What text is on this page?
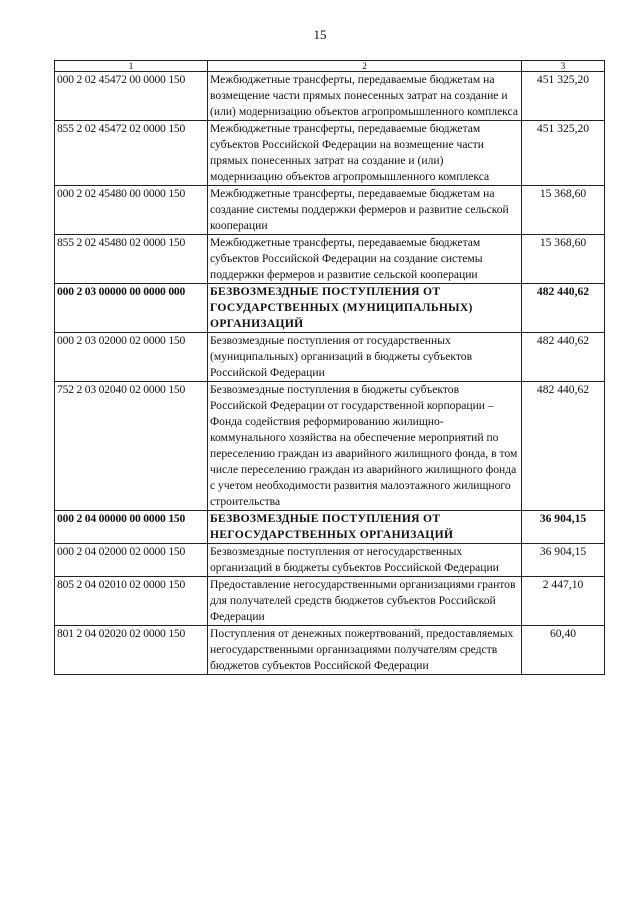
15
1	2	3
000 2 02 45472 00 0000 150	Межбюджетные трансферты, передаваемые бюджетам на возмещение части прямых понесенных затрат на создание и (или) модернизацию объектов агропромышленного комплекса	451 325,20
855 2 02 45472 02 0000 150	Межбюджетные трансферты, передаваемые бюджетам субъектов Российской Федерации на возмещение части прямых понесенных затрат на создание и (или) модернизацию объектов агропромышленного комплекса	451 325,20
000 2 02 45480 00 0000 150	Межбюджетные трансферты, передаваемые бюджетам на создание системы поддержки фермеров и развитие сельской кооперации	15 368,60
855 2 02 45480 02 0000 150	Межбюджетные трансферты, передаваемые бюджетам субъектов Российской Федерации на создание системы поддержки фермеров и развитие сельской кооперации	15 368,60
000 2 03 00000 00 0000 000	БЕЗВОЗМЕЗДНЫЕ ПОСТУПЛЕНИЯ ОТ ГОСУДАРСТВЕННЫХ (МУНИЦИПАЛЬНЫХ) ОРГАНИЗАЦИЙ	482 440,62
000 2 03 02000 02 0000 150	Безвозмездные поступления от государственных (муниципальных) организаций в бюджеты субъектов Российской Федерации	482 440,62
752 2 03 02040 02 0000 150	Безвозмездные поступления в бюджеты субъектов Российской Федерации от государственной корпорации – Фонда содействия реформированию жилищно-коммунального хозяйства на обеспечение мероприятий по переселению граждан из аварийного жилищного фонда, в том числе переселению граждан из аварийного жилищного фонда с учетом необходимости развития малоэтажного жилищного строительства	482 440,62
000 2 04 00000 00 0000 150	БЕЗВОЗМЕЗДНЫЕ ПОСТУПЛЕНИЯ ОТ НЕГОСУДАРСТВЕННЫХ ОРГАНИЗАЦИЙ	36 904,15
000 2 04 02000 02 0000 150	Безвозмездные поступления от негосударственных организаций в бюджеты субъектов Российской Федерации	36 904,15
805 2 04 02010 02 0000 150	Предоставление негосударственными организациями грантов для получателей средств бюджетов субъектов Российской Федерации	2 447,10
801 2 04 02020 02 0000 150	Поступления от денежных пожертвований, предоставляемых негосударственными организациями получателям средств бюджетов субъектов Российской Федерации	60,40
